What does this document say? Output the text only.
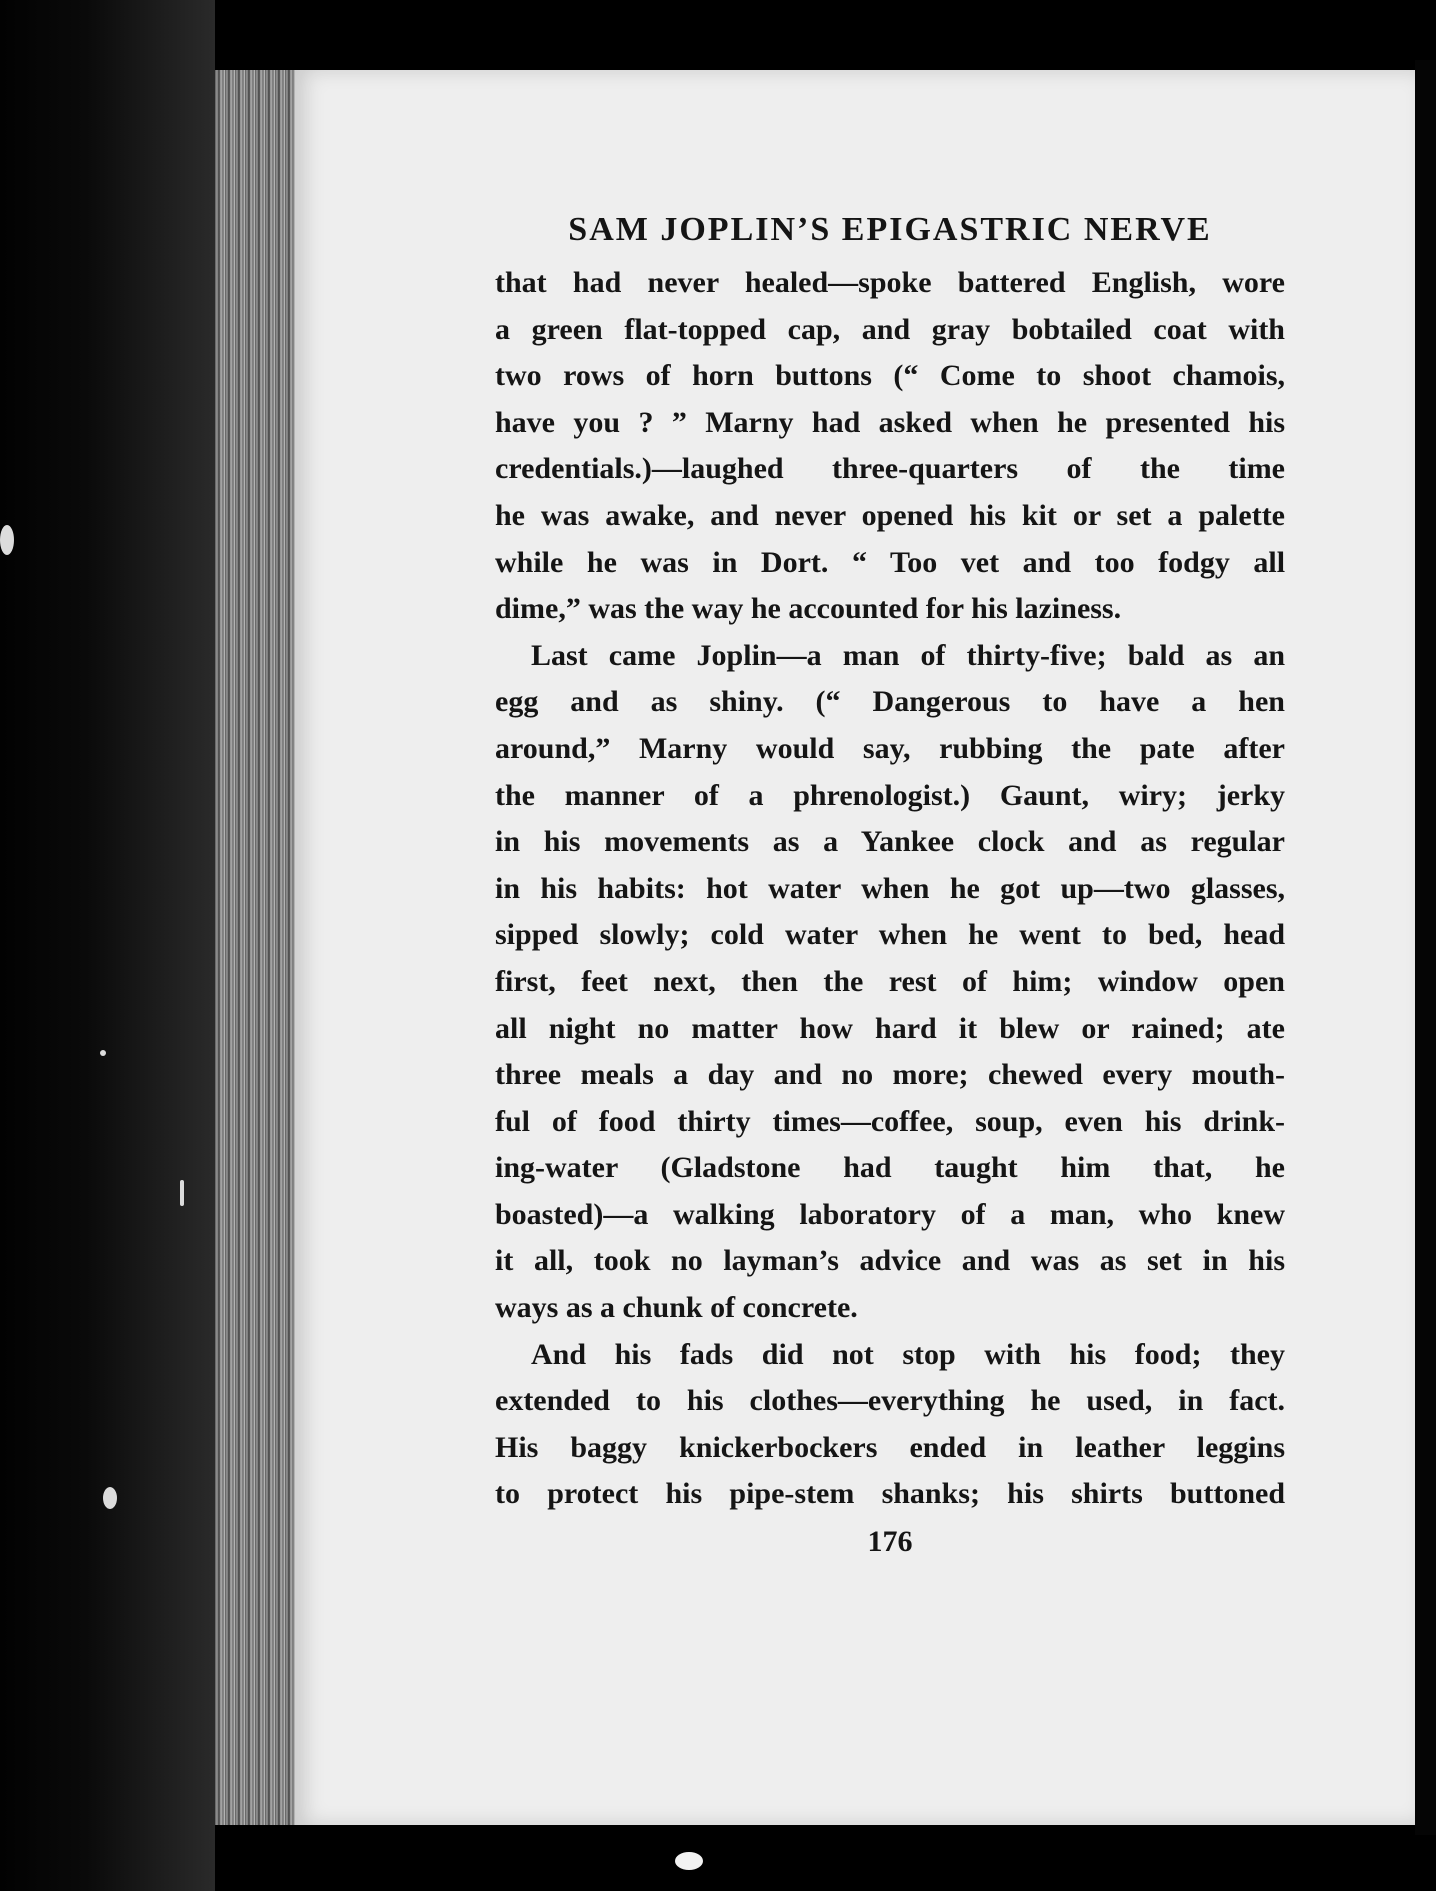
SAM JOPLIN’S EPIGASTRIC NERVE
that had never healed—spoke battered English, wore
a green flat-topped cap, and gray bobtailed coat with
two rows of horn buttons (“ Come to shoot chamois,
have you ? ” Marny had asked when he presented his
credentials.)—laughed three-quarters of the time
he was awake, and never opened his kit or set a palette
while he was in Dort. “ Too vet and too fodgy all
dime,” was the way he accounted for his laziness.
Last came Joplin—a man of thirty-five; bald as an
egg and as shiny. (“ Dangerous to have a hen
around,” Marny would say, rubbing the pate after
the manner of a phrenologist.) Gaunt, wiry; jerky
in his movements as a Yankee clock and as regular
in his habits: hot water when he got up—two glasses,
sipped slowly; cold water when he went to bed, head
first, feet next, then the rest of him; window open
all night no matter how hard it blew or rained; ate
three meals a day and no more; chewed every mouth-
ful of food thirty times—coffee, soup, even his drink-
ing-water (Gladstone had taught him that, he
boasted)—a walking laboratory of a man, who knew
it all, took no layman’s advice and was as set in his
ways as a chunk of concrete.
And his fads did not stop with his food; they
extended to his clothes—everything he used, in fact.
His baggy knickerbockers ended in leather leggins
to protect his pipe-stem shanks; his shirts buttoned
176
